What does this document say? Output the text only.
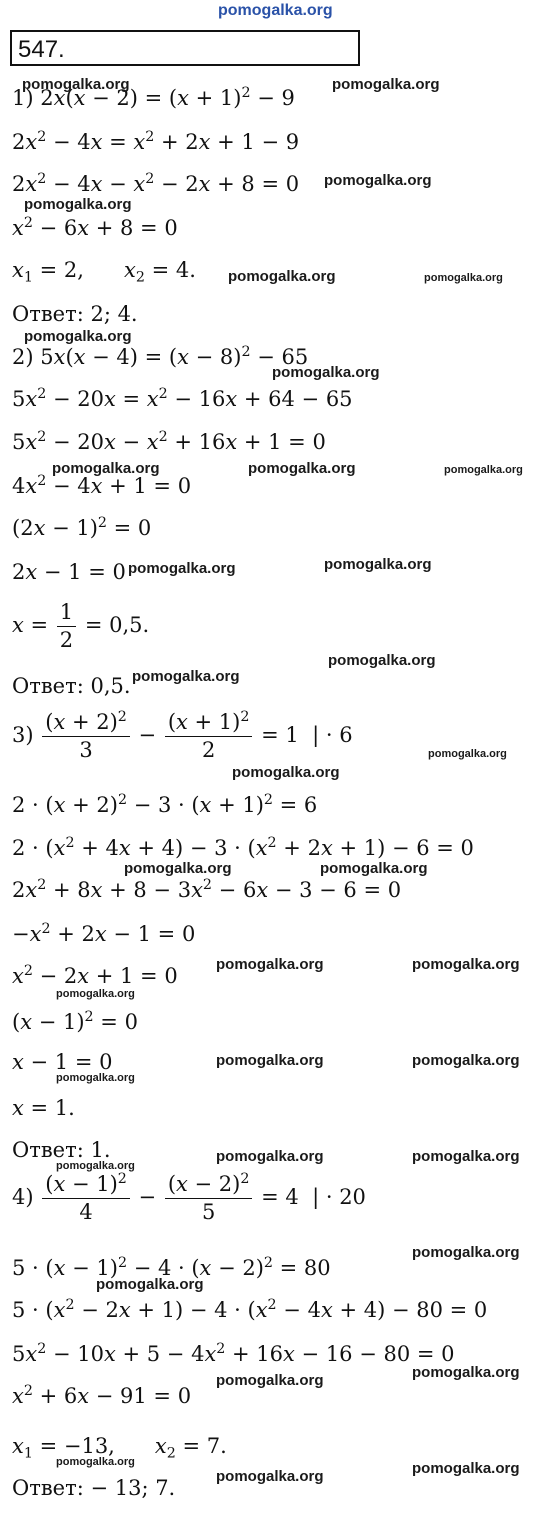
pomogalka.org
547.
1) $2x(x - 2) = (x + 1)^2 - 9$
$2x^2 - 4x = x^2 + 2x + 1 - 9$
$2x^2 - 4x - x^2 - 2x + 8 = 0$
$x^2 - 6x + 8 = 0$
$x_1 = 2$,      $x_2 = 4$.
Ответ: 2; 4.
2) $5x(x - 4) = (x - 8)^2 - 65$
$5x^2 - 20x = x^2 - 16x + 64 - 65$
$5x^2 - 20x - x^2 + 16x + 1 = 0$
$4x^2 - 4x + 1 = 0$
$(2x - 1)^2 = 0$
2x − 1 = 0
$x = \frac{1}{2} = 0,5$.
Ответ: 0,5.
$3) \frac{(x + 2)^2}{3} - \frac{(x + 1)^2}{2} = 1$  | · 6
$2 \cdot (x + 2)^2 - 3 \cdot (x + 1)^2 = 6$
$2 \cdot (x^2 + 4x + 4) - 3 \cdot (x^2 + 2x + 1) - 6 = 0$
$2x^2 + 8x + 8 - 3x^2 - 6x - 3 - 6 = 0$
$-x^2 + 2x - 1 = 0$
$x^2 - 2x + 1 = 0$
$(x - 1)^2 = 0$
x − 1 = 0
x = 1.
Ответ: 1.
$4) \frac{(x - 1)^2}{4} - \frac{(x - 2)^2}{5} = 4$  | · 20
$5 \cdot (x - 1)^2 - 4 \cdot (x - 2)^2 = 80$
$5 \cdot (x^2 - 2x + 1) - 4 \cdot (x^2 - 4x + 4) - 80 = 0$
$5x^2 - 10x + 5 - 4x^2 + 16x - 16 - 80 = 0$
$x^2 + 6x - 91 = 0$
$x_1 = -13$,      $x_2 = 7$.
Ответ: − 13; 7.
pomogalka.org	pomogalka.org
pomogalka.org
pomogalka.org
pomogalka.org	pomogalka.org
pomogalka.org
pomogalka.org
pomogalka.org	pomogalka.org	pomogalka.org
pomogalka.org	pomogalka.org
pomogalka.org
pomogalka.org
pomogalka.org
pomogalka.org
pomogalka.org	pomogalka.org
pomogalka.org	pomogalka.org
pomogalka.org
pomogalka.org	pomogalka.org
pomogalka.org
pomogalka.org	pomogalka.org
pomogalka.org
pomogalka.org
pomogalka.org
pomogalka.org	pomogalka.org
pomogalka.org
pomogalka.org	pomogalka.org
